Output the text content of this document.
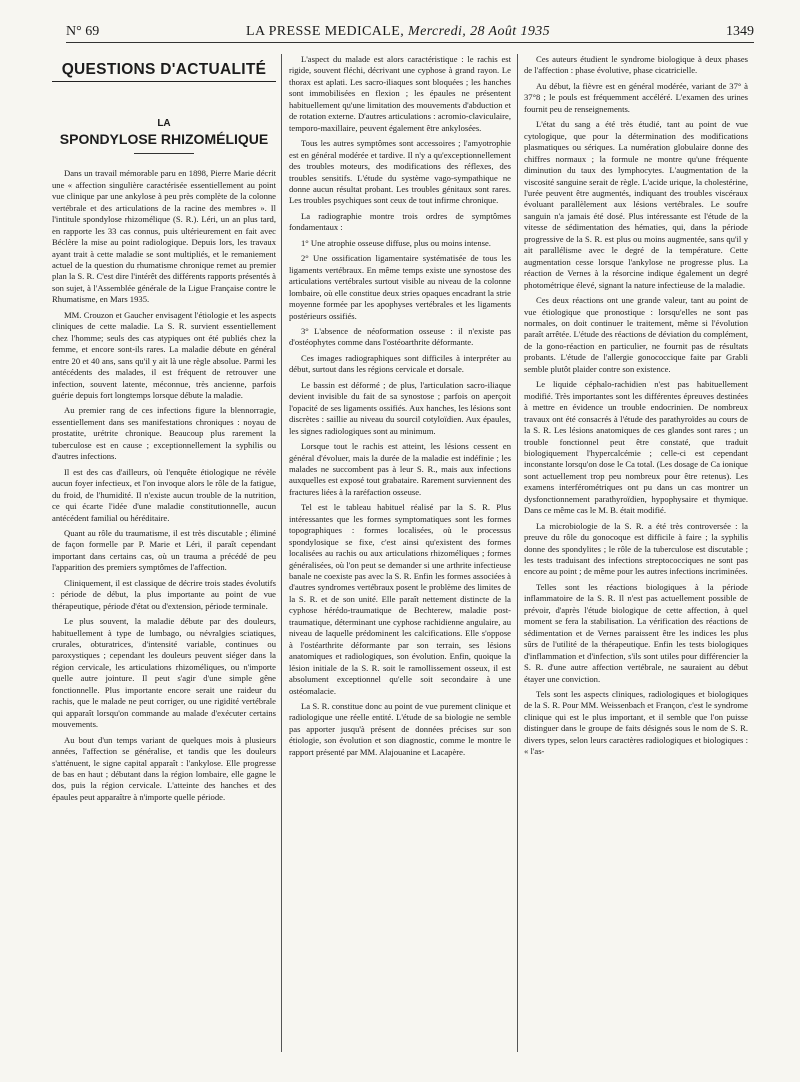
N° 69	LA PRESSE MEDICALE, Mercredi, 28 Août 1935	1349
QUESTIONS D'ACTUALITÉ
LA
SPONDYLOSE RHIZOMÉLIQUE

Dans un travail mémorable paru en 1898, Pierre Marie décrit une « affection singulière caractérisée essentiellement au point vue clinique par une ankylose à peu près complète de la colonne vertébrale et des articulations de la racine des membres ». Il l'intitule spondylose rhizomélique (S. R.). Léri, un an plus tard, en rapporte les 33 cas connus, puis ultérieurement en fait avec Béclère la mise au point radiologique. Depuis lors, les travaux ayant trait à cette maladie se sont multipliés, et le remaniement actuel de la question du rhumatisme chronique remet au premier plan la S. R. C'est dire l'intérêt des différents rapports présentés à son sujet, à l'Assemblée générale de la Ligue Française contre le Rhumatisme, en Mars 1935.

MM. Crouzon et Gaucher envisagent l'étiologie et les aspects cliniques de cette maladie. La S. R. survient essentiellement chez l'homme; seuls des cas atypiques ont été publiés chez la femme, et encore sont-ils rares. La maladie débute en général entre 20 et 40 ans, sans qu'il y ait là une règle absolue. Parmi les antécédents des malades, il est fréquent de retrouver une infection, souvent latente, méconnue, très ancienne, parfois guérie depuis fort longtemps lorsque débute la maladie.

Au premier rang de ces infections figure la blennorragie, essentiellement dans ses manifestations chroniques : noyau de prostatite, urétrite chronique. Beaucoup plus rarement la tuberculose est en cause ; exceptionnellement la syphilis ou d'autres infections.

Il est des cas d'ailleurs, où l'enquête étiologique ne révèle aucun foyer infectieux, et l'on invoque alors le rôle de la fatigue, du froid, de l'humidité. Il n'existe aucun trouble de la nutrition, ce qui écarte l'idée d'une maladie constitutionnelle, aucun antécédent familial ou héréditaire.

Quant au rôle du traumatisme, il est très discutable ; éliminé de façon formelle par P. Marie et Léri, il paraît cependant important dans certains cas, où un trauma a précédé de peu l'apparition des premiers symptômes de l'affection.

Cliniquement, il est classique de décrire trois stades évolutifs : période de début, la plus importante au point de vue thérapeutique, période d'état ou d'extension, période terminale.

Le plus souvent, la maladie débute par des douleurs, habituellement à type de lumbago, ou névralgies sciatiques, crurales, obturatrices, d'intensité variable, continues ou paroxystiques ; cependant les douleurs peuvent siéger dans la région cervicale, les articulations rhizoméliques, ou n'importe quelle autre jointure. Il peut s'agir d'une simple gêne fonctionnelle. Plus importante encore serait une raideur du rachis, que le malade ne peut corriger, ou une rigidité vertébrale qui apparaît lorsqu'on commande au malade d'exécuter certains mouvements.

Au bout d'un temps variant de quelques mois à plusieurs années, l'affection se généralise, et tandis que les douleurs s'atténuent, le signe capital apparaît : l'ankylose. Elle progresse de bas en haut ; débutant dans la région lombaire, elle gagne le dos, puis la région cervicale. L'atteinte des hanches et des épaules peut apparaître à n'importe quelle période.

L'aspect du malade est alors caractéristique : le rachis est rigide, souvent fléchi, décrivant une cyphose à grand rayon. Le thorax est aplati. Les sacro-iliaques sont bloquées ; les hanches sont immobilisées en flexion ; les épaules ne présentent habituellement qu'une limitation des mouvements d'abduction et de rotation externe. D'autres articulations : acromio-claviculaire, temporo-maxillaire, peuvent également être ankylosées.

Tous les autres symptômes sont accessoires ; l'amyotrophie est en général modérée et tardive. Il n'y a qu'exceptionnellement des troubles moteurs, des modifications des réflexes, des troubles sensitifs. L'étude du système vago-sympathique ne donne aucun résultat probant. Les troubles génitaux sont rares. Les troubles psychiques sont ceux de tout infirme chronique.

La radiographie montre trois ordres de symptômes fondamentaux :

1° Une atrophie osseuse diffuse, plus ou moins intense.

2° Une ossification ligamentaire systématisée de tous les ligaments vertébraux. En même temps existe une synostose des articulations vertébrales surtout visible au niveau de la colonne lombaire, où elle constitue deux stries opaques encadrant la strie moyenne formée par les apophyses vertébrales et les ligaments postérieurs ossifiés.

3° L'absence de néoformation osseuse : il n'existe pas d'ostéophytes comme dans l'ostéoarthrite déformante.

Ces images radiographiques sont difficiles à interpréter au début, surtout dans les régions cervicale et dorsale.

Le bassin est déformé ; de plus, l'articulation sacro-iliaque devient invisible du fait de sa synostose ; parfois on aperçoit l'opacité de ses ligaments ossifiés. Aux hanches, les lésions sont discrètes : saillie au niveau du sourcil cotyloïdien. Aux épaules, les signes radiologiques sont au minimum.

Lorsque tout le rachis est atteint, les lésions cessent en général d'évoluer, mais la durée de la maladie est indéfinie ; les malades ne succombent pas à leur S. R., mais aux infections auxquelles est exposé tout grabataire. Rarement surviennent des fractures liées à la raréfaction osseuse.

Tel est le tableau habituel réalisé par la S. R. Plus intéressantes que les formes symptomatiques sont les formes topographiques : formes localisées, où le processus spondylosique se fixe, c'est ainsi qu'existent des formes localisées au rachis ou aux articulations rhizoméliques ; formes généralisées, où l'on peut se demander si une arthrite infectieuse banale ne coexiste pas avec la S. R. Enfin les formes associées à d'autres syndromes vertébraux posent le problème des limites de la S. R. et de son unité. Elle paraît nettement distincte de la cyphose hérédo-traumatique de Bechterew, maladie post-traumatique, déterminant une cyphose rachidienne angulaire, au niveau de laquelle prédominent les calcifications. Elle s'oppose à l'ostéarthrite déformante par son terrain, ses lésions anatomiques et radiologiques, son évolution. Enfin, quoique la lésion initiale de la S. R. soit le ramollissement osseux, il est absolument exceptionnel qu'elle soit secondaire à une ostéomalacie.

La S. R. constitue donc au point de vue purement clinique et radiologique une réelle entité. L'étude de sa biologie ne semble pas apporter jusqu'à présent de données précises sur son étiologie, son évolution et son diagnostic, comme le montre le rapport présenté par MM. Alajouanine et Lacapère.

Ces auteurs étudient le syndrome biologique à deux phases de l'affection : phase évolutive, phase cicatricielle.

Au début, la fièvre est en général modérée, variant de 37° à 37°8 ; le pouls est fréquemment accéléré. L'examen des urines fournit peu de renseignements.

L'état du sang a été très étudié, tant au point de vue cytologique, que pour la détermination des modifications plasmatiques ou sériques. La numération globulaire donne des chiffres normaux ; la formule ne montre qu'une fréquente diminution du taux des lymphocytes. L'augmentation de la viscosité sanguine serait de règle. L'acide urique, la cholestérine, l'urée peuvent être augmentés, indiquant des troubles viscéraux évoluant parallèlement aux lésions vertébrales. Le soufre sanguin n'a jamais été dosé. Plus intéressante est l'étude de la vitesse de sédimentation des hématies, qui, dans la période progressive de la S. R. est plus ou moins augmentée, sans qu'il y ait parallélisme avec le degré de la température. Cette augmentation cesse lorsque l'ankylose ne progresse plus. La réaction de Vernes à la résorcine indique également un degré photométrique élevé, signant la nature infectieuse de la maladie.

Ces deux réactions ont une grande valeur, tant au point de vue étiologique que pronostique : lorsqu'elles ne sont pas normales, on doit continuer le traitement, même si l'évolution paraît arrêtée. L'étude des réactions de déviation du complément, de la gono-réaction en particulier, ne fournit pas de résultats probants. L'étude de l'allergie gonococcique faite par Grabli semble plutôt plaider contre son existence.

Le liquide céphalo-rachidien n'est pas habituellement modifié. Très importantes sont les différentes épreuves destinées à mettre en évidence un trouble endocrinien. De nombreux travaux ont été consacrés à l'étude des parathyroïdes au cours de la S. R. Les lésions anatomiques de ces glandes sont rares ; un trouble fonctionnel peut être constaté, que traduit biologiquement l'hypercalcémie ; celle-ci est cependant inconstante lorsqu'on dose le Ca total. (Les dosage de Ca ionique sont actuellement trop peu nombreux pour être retenus). Les examens interférométriques ont pu dans un cas montrer un dysfonctionnement parathyroïdien, hypophysaire et thymique. Dans ce même cas le M. B. était modifié.

La microbiologie de la S. R. a été très controversée : la preuve du rôle du gonocoque est difficile à faire ; la syphilis donne des spondylites ; le rôle de la tuberculose est discutable ; les tests traduisant des infections streptococciques ne sont pas encore au point ; de même pour les autres infections incriminées.

Telles sont les réactions biologiques à la période inflammatoire de la S. R. Il n'est pas actuellement possible de prévoir, d'après l'étude biologique de cette affection, à quel moment se fera la stabilisation. La vérification des réactions de sédimentation et de Vernes paraissent être les indices les plus sûrs de l'utilité de la thérapeutique. Enfin les tests biologiques d'inflammation et d'infection, s'ils sont utiles pour différencier la S. R. d'une autre affection vertébrale, ne sauraient au début étayer une conviction.

Tels sont les aspects cliniques, radiologiques et biologiques de la S. R. Pour MM. Weissenbach et Françon, c'est le syndrome clinique qui est le plus important, et il semble que l'on puisse distinguer dans le groupe de faits désignés sous le nom de S. R. divers types, selon leurs caractères radiologiques et biologiques : « l'as-
